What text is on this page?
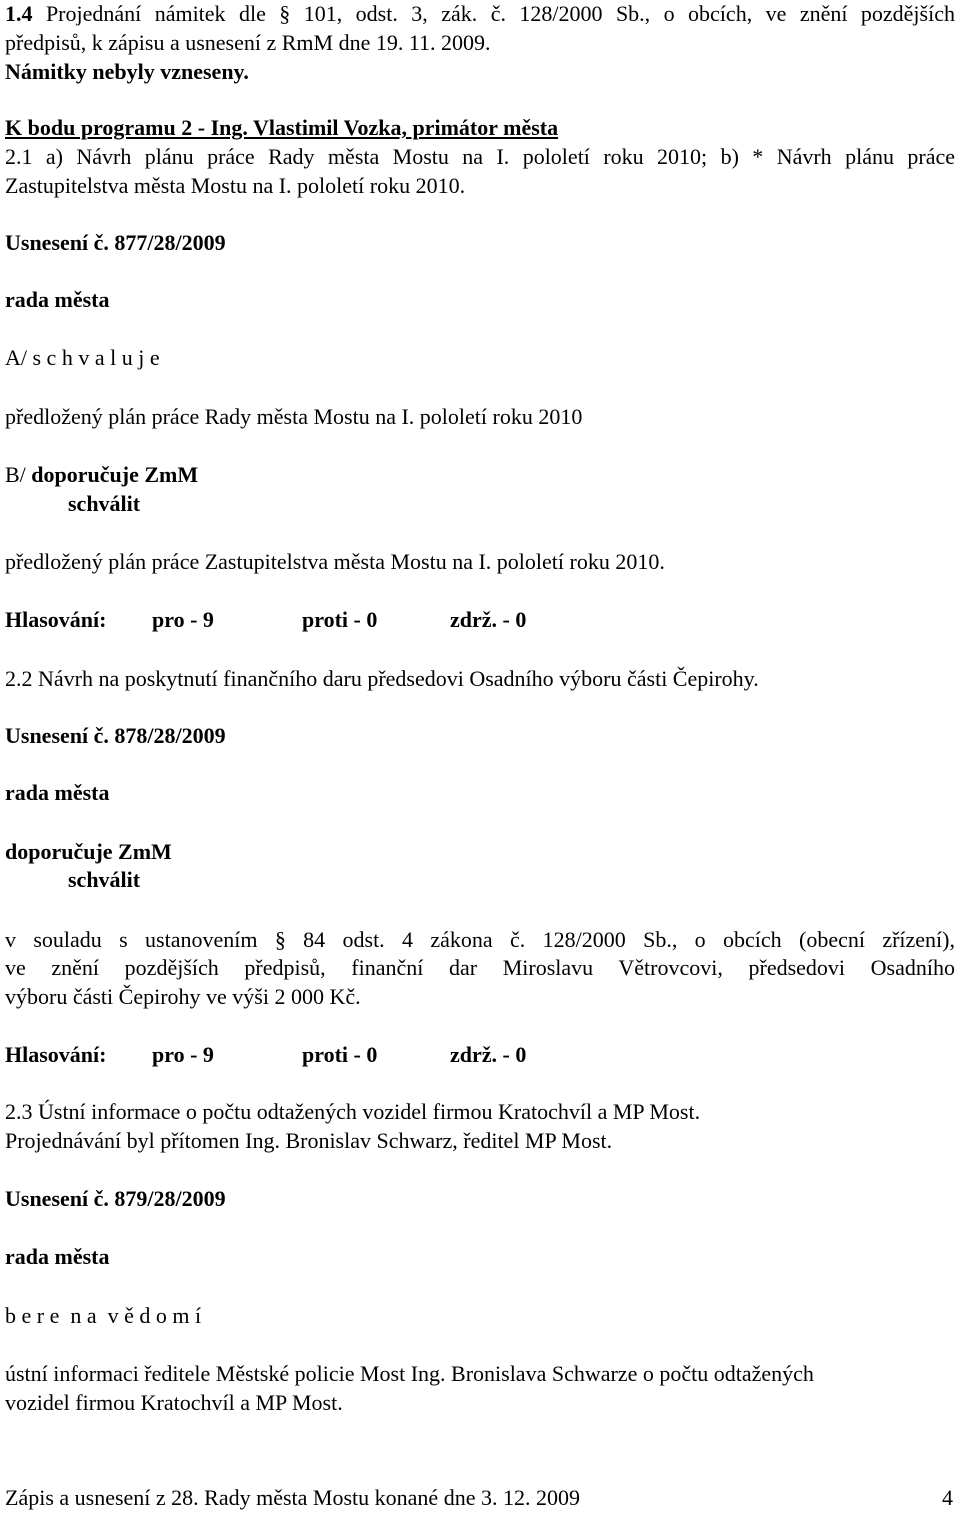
1.4 Projednání námitek dle § 101, odst. 3, zák. č. 128/2000 Sb., o obcích, ve znění pozdějších
předpisů, k zápisu a usnesení z RmM dne 19. 11. 2009.
Námitky nebyly vzneseny.
K bodu programu 2 - Ing. Vlastimil Vozka, primátor města
2.1 a) Návrh plánu práce Rady města Mostu na I. pololetí roku 2010; b) * Návrh plánu práce
Zastupitelstva města Mostu na I. pololetí roku 2010.
Usnesení č. 877/28/2009
rada města
A/ s c h v a l u j e
předložený plán práce Rady města Mostu na I. pololetí roku 2010
B/ doporučuje ZmM
schválit
předložený plán práce Zastupitelstva města Mostu na I. pololetí roku 2010.
Hlasování: pro - 9	proti - 0	zdrž. - 0
2.2 Návrh na poskytnutí finančního daru předsedovi Osadního výboru části Čepirohy.
Usnesení č. 878/28/2009
rada města
doporučuje ZmM
schválit
v souladu s ustanovením § 84 odst. 4 zákona č. 128/2000 Sb., o obcích (obecní zřízení),
ve znění pozdějších předpisů, finanční dar Miroslavu Větrovcovi, předsedovi Osadního
výboru části Čepirohy ve výši 2 000 Kč.
Hlasování: pro - 9	proti - 0	zdrž. - 0
2.3 Ústní informace o počtu odtažených vozidel firmou Kratochvíl a MP Most.
Projednávání byl přítomen Ing. Bronislav Schwarz, ředitel MP Most.
Usnesení č. 879/28/2009
rada města
b e r e  n a  v ě d o m í
ústní informaci ředitele Městské policie Most Ing. Bronislava Schwarze o počtu odtažených
vozidel firmou Kratochvíl a MP Most.
Zápis a usnesení z 28. Rady města Mostu konané dne 3. 12. 2009	4
